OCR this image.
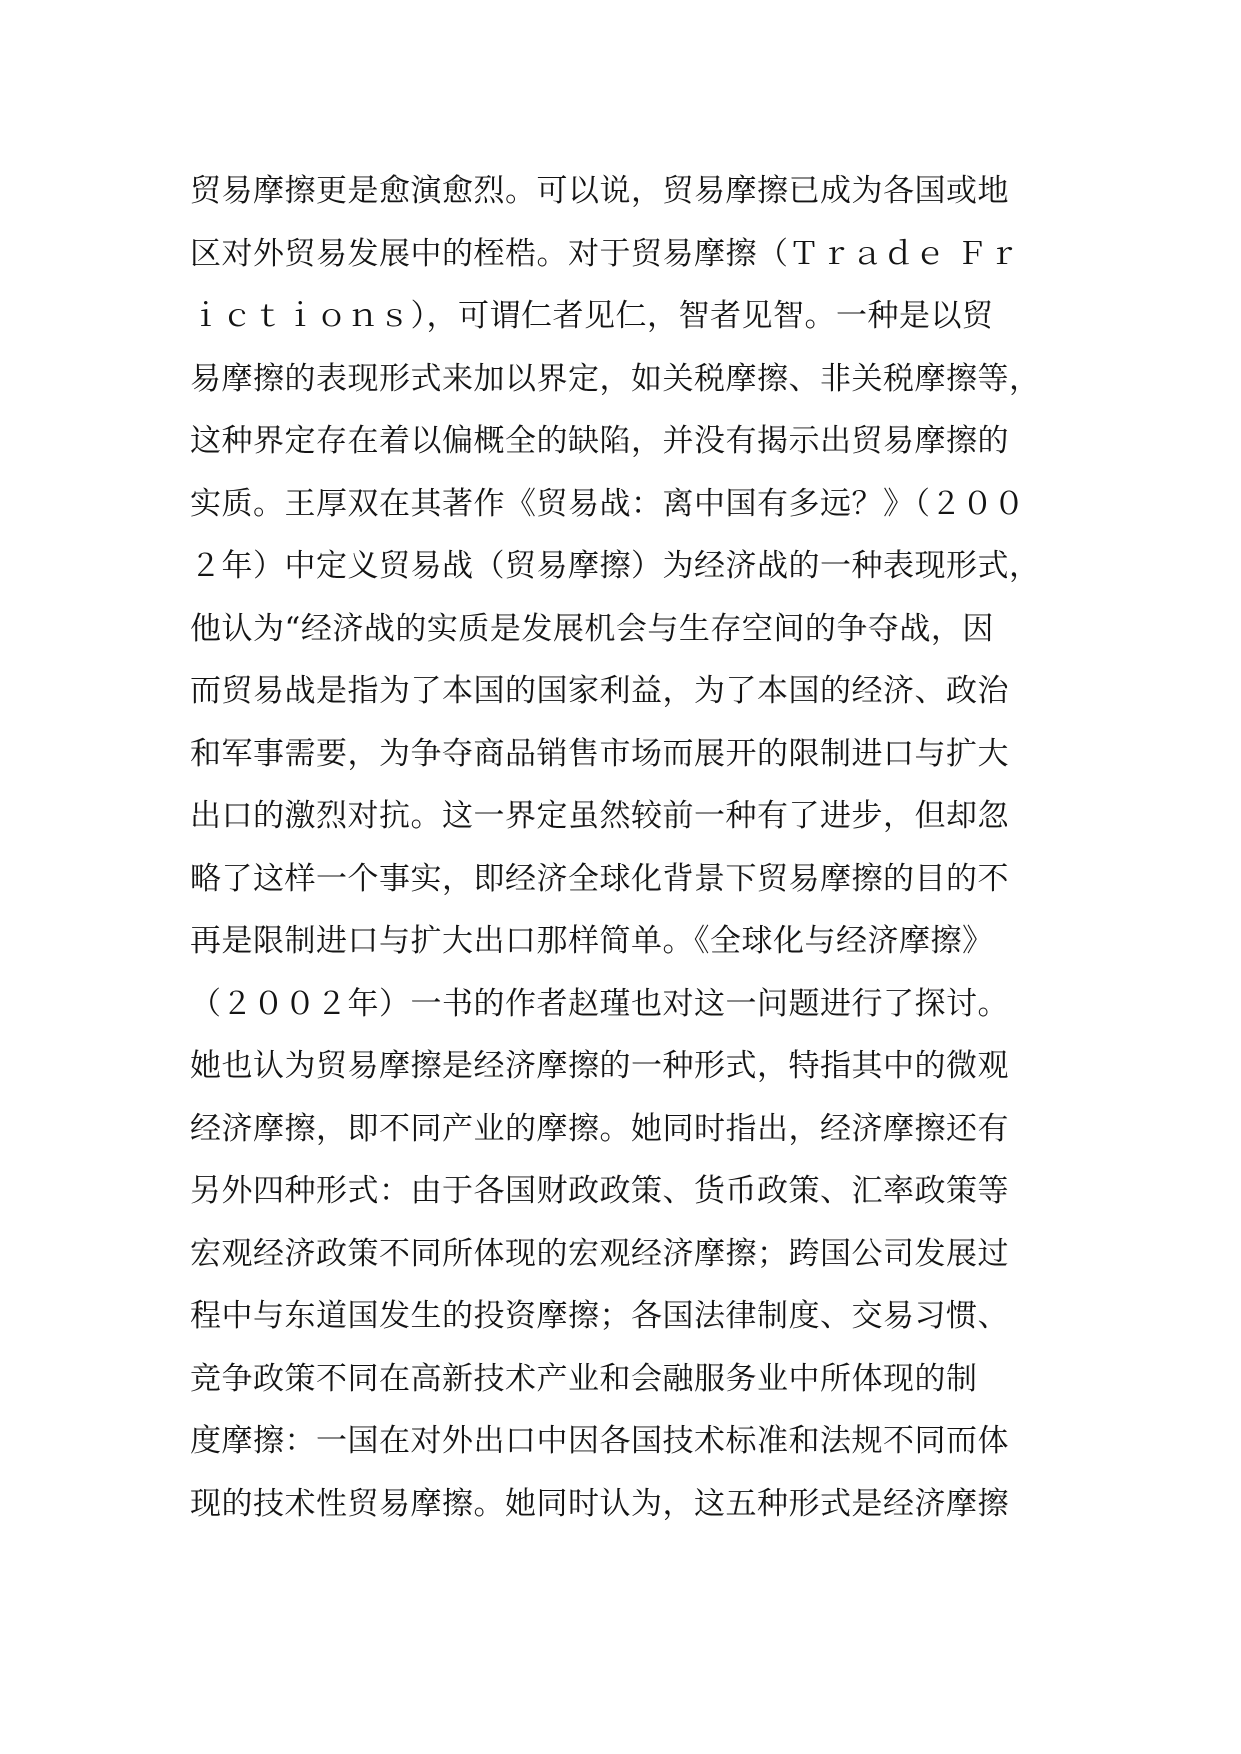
贸易摩擦更是愈演愈烈。可以说，贸易摩擦已成为各国或地
区对外贸易发展中的桎梏。对于贸易摩擦（Ｔｒａｄｅ Ｆｒ
ｉｃｔｉｏｎｓ），可谓仁者见仁，智者见智。一种是以贸
易摩擦的表现形式来加以界定，如关税摩擦、非关税摩擦等，
这种界定存在着以偏概全的缺陷，并没有揭示出贸易摩擦的
实质。王厚双在其著作《贸易战：离中国有多远？》（２００
２年）中定义贸易战（贸易摩擦）为经济战的一种表现形式，
他认为“经济战的实质是发展机会与生存空间的争夺战，因
而贸易战是指为了本国的国家利益，为了本国的经济、政治
和军事需要，为争夺商品销售市场而展开的限制进口与扩大
出口的激烈对抗。这一界定虽然较前一种有了进步，但却忽
略了这样一个事实，即经济全球化背景下贸易摩擦的目的不
再是限制进口与扩大出口那样简单。《全球化与经济摩擦》
（２００２年）一书的作者赵瑾也对这一问题进行了探讨。
她也认为贸易摩擦是经济摩擦的一种形式，特指其中的微观
经济摩擦，即不同产业的摩擦。她同时指出，经济摩擦还有
另外四种形式：由于各国财政政策、货币政策、汇率政策等
宏观经济政策不同所体现的宏观经济摩擦；跨国公司发展过
程中与东道国发生的投资摩擦；各国法律制度、交易习惯、
竞争政策不同在高新技术产业和会融服务业中所体现的制
度摩擦：一国在对外出口中因各国技术标准和法规不同而体
现的技术性贸易摩擦。她同时认为，这五种形式是经济摩擦
